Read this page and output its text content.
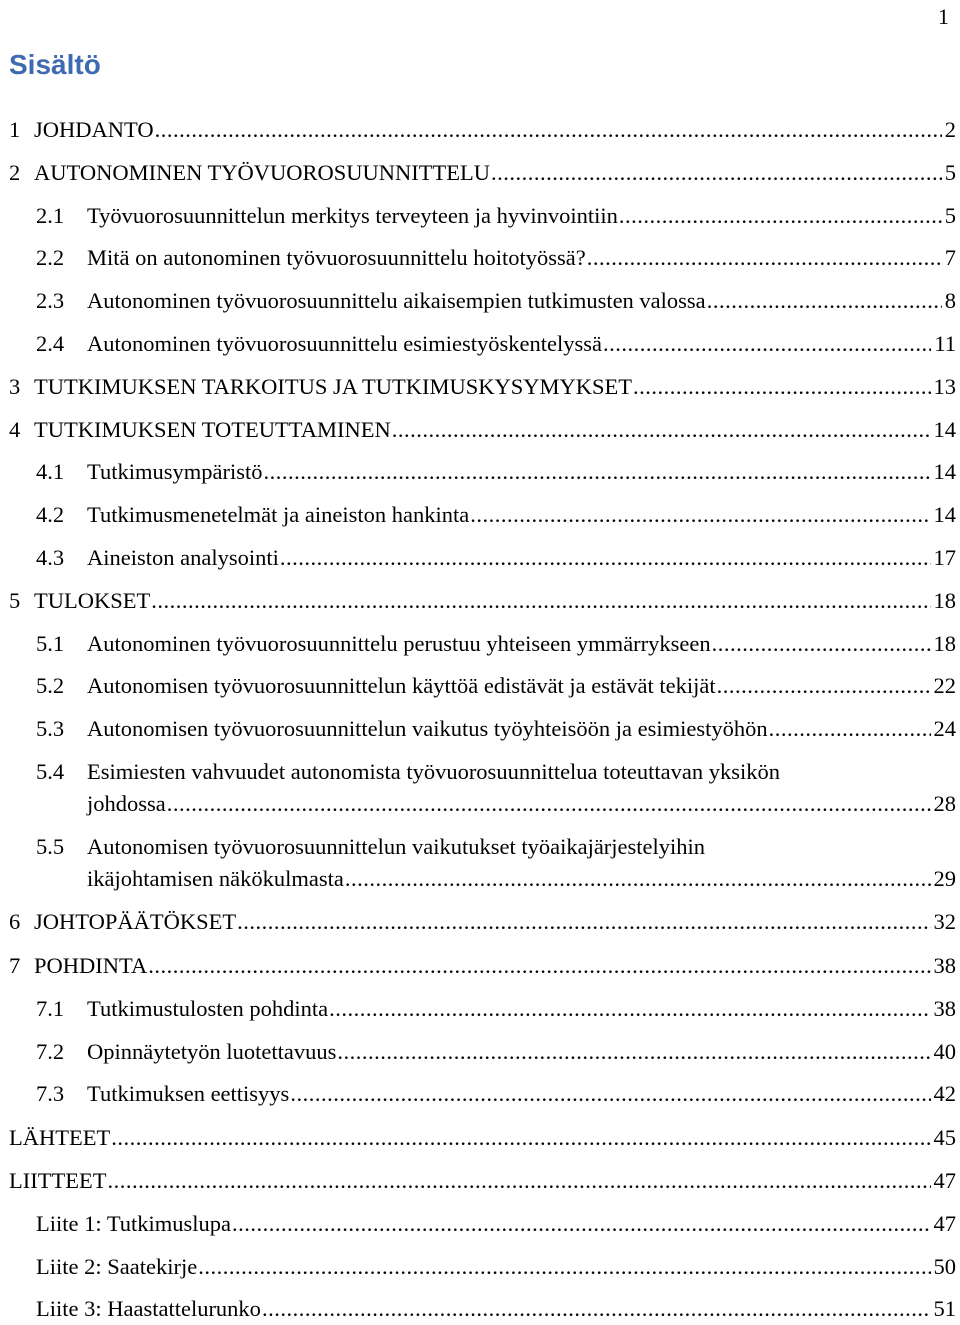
1
Sisältö
1 JOHDANTO .....	2
2 AUTONOMINEN TYÖVUOROSUUNNITTELU .....	5
2.1	Työvuorosuunnittelun merkitys terveyteen ja hyvinvointiin .....	5
2.2	Mitä on autonominen työvuorosuunnittelu hoitotyössä? .....	7
2.3	Autonominen työvuorosuunnittelu aikaisempien tutkimusten valossa .....	8
2.4	Autonominen työvuorosuunnittelu esimiestyöskentelyssä .....	11
3 TUTKIMUKSEN TARKOITUS JA TUTKIMUSKYSYMYKSET .....	13
4 TUTKIMUKSEN TOTEUTTAMINEN .....	14
4.1	Tutkimusympäristö .....	14
4.2	Tutkimusmenetelmät ja aineiston hankinta .....	14
4.3	Aineiston analysointi .....	17
5 TULOKSET .....	18
5.1	Autonominen työvuorosuunnittelu perustuu yhteiseen ymmärrykseen .....	18
5.2	Autonomisen työvuorosuunnittelun käyttöä edistävät ja estävät tekijät .....	22
5.3	Autonomisen työvuorosuunnittelun vaikutus työyhteisöön ja esimiestyöhön .....	24
5.4	Esimiesten vahvuudet autonomista työvuorosuunnittelua toteuttavan yksikön
johdossa .....	28
5.5	Autonomisen työvuorosuunnittelun vaikutukset työaikajärjestelyihin
ikäjohtamisen näkökulmasta .....	29
6 JOHTOPÄÄTÖKSET .....	32
7 POHDINTA .....	38
7.1	Tutkimustulosten pohdinta .....	38
7.2	Opinnäytetyön luotettavuus .....	40
7.3	Tutkimuksen eettisyys .....	42
LÄHTEET .....	45
LIITTEET .....	47
Liite 1: Tutkimuslupa .....	47
Liite 2: Saatekirje .....	50
Liite 3: Haastattelurunko .....	51
